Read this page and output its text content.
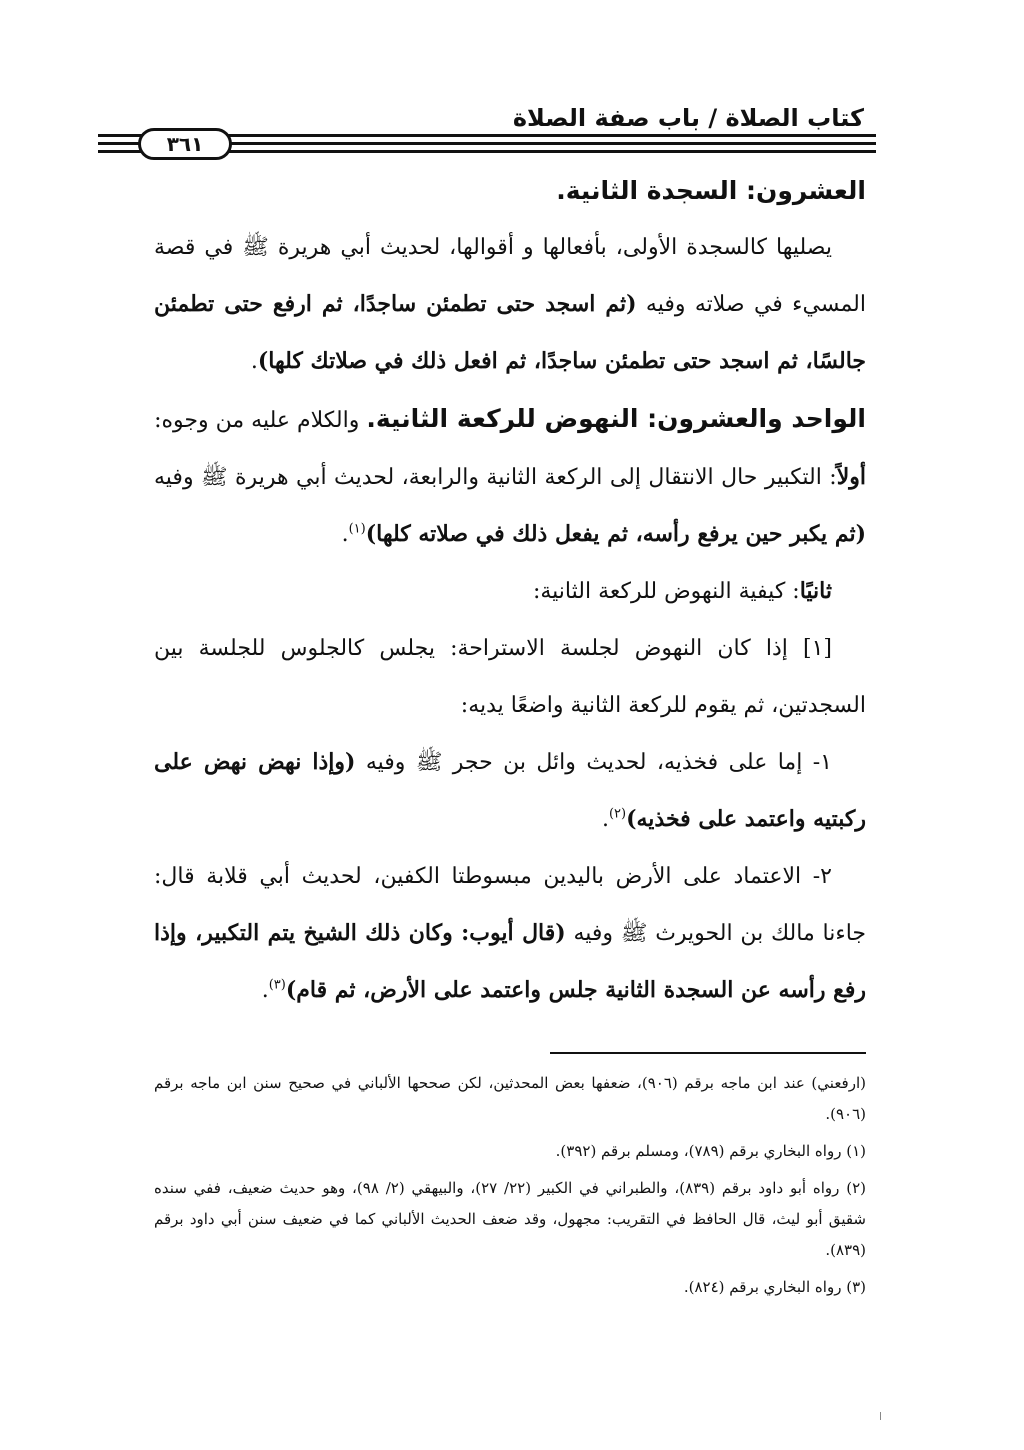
كتاب الصلاة / باب صفة الصلاة
٣٦١

العشرون: السجدة الثانية.

يصليها كالسجدة الأولى، بأفعالها و أقوالها، لحديث أبي هريرة ﷺ في قصة المسيء في صلاته وفيه (ثم اسجد حتى تطمئن ساجدًا، ثم ارفع حتى تطمئن جالسًا، ثم اسجد حتى تطمئن ساجدًا، ثم افعل ذلك في صلاتك كلها).

الواحد والعشرون: النهوض للركعة الثانية. والكلام عليه من وجوه:

أولاً: التكبير حال الانتقال إلى الركعة الثانية والرابعة، لحديث أبي هريرة ﷺ وفيه (ثم يكبر حين يرفع رأسه، ثم يفعل ذلك في صلاته كلها)$^{(١)}$.

ثانيًا: كيفية النهوض للركعة الثانية:

[١] إذا كان النهوض لجلسة الاستراحة: يجلس كالجلوس للجلسة بين السجدتين، ثم يقوم للركعة الثانية واضعًا يديه:

١- إما على فخذيه، لحديث وائل بن حجر ﷺ وفيه (وإذا نهض نهض على ركبتيه واعتمد على فخذيه)$^{(٢)}$.

٢- الاعتماد على الأرض باليدين مبسوطتا الكفين، لحديث أبي قلابة قال: جاءنا مالك بن الحويرث ﷺ وفيه (قال أيوب: وكان ذلك الشيخ يتم التكبير، وإذا رفع رأسه عن السجدة الثانية جلس واعتمد على الأرض، ثم قام)$^{(٣)}$.

(ارفعني) عند ابن ماجه برقم (٩٠٦)، ضعفها بعض المحدثين، لكن صححها الألباني في صحيح سنن ابن ماجه برقم (٩٠٦).

(١) رواه البخاري برقم (٧٨٩)، ومسلم برقم (٣٩٢).

(٢) رواه أبو داود برقم (٨٣٩)، والطبراني في الكبير (٢٢/ ٢٧)، والبيهقي (٢/ ٩٨)، وهو حديث ضعيف، ففي سنده شقيق أبو ليث، قال الحافظ في التقريب: مجهول، وقد ضعف الحديث الألباني كما في ضعيف سنن أبي داود برقم (٨٣٩).

(٣) رواه البخاري برقم (٨٢٤).
